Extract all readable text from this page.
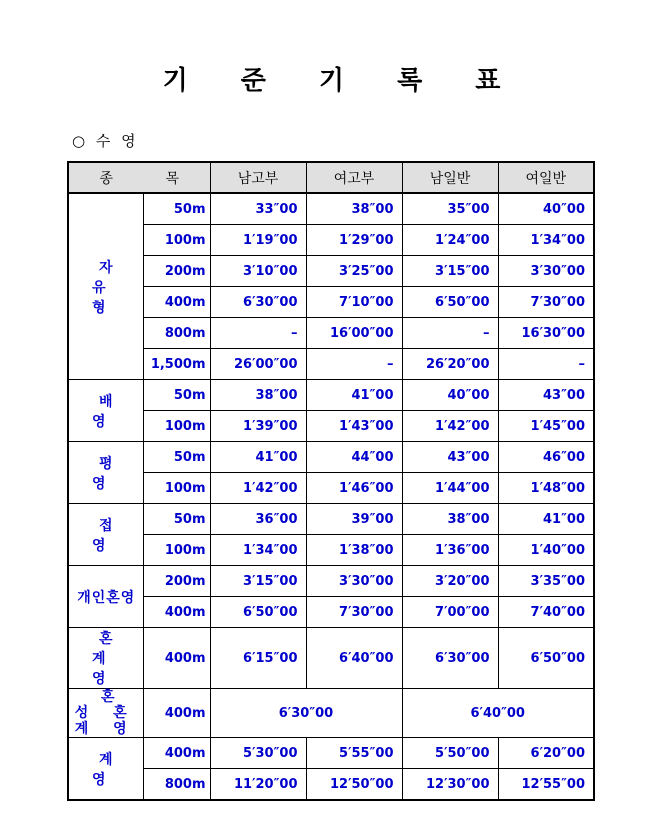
기 준 기 록 표
○ 수 영
종 목		남고부	여고부	남일반	여일반
자 유 형	50m	33″00	38″00	35″00	40″00
	100m	1′19″00	1′29″00	1′24″00	1′34″00
	200m	3′10″00	3′25″00	3′15″00	3′30″00
	400m	6′30″00	7′10″00	6′50″00	7′30″00
	800m	–	16′00″00	–	16′30″00
	1,500m	26′00″00	–	26′20″00	–
배 영	50m	38″00	41″00	40″00	43″00
	100m	1′39″00	1′43″00	1′42″00	1′45″00
평 영	50m	41″00	44″00	43″00	46″00
	100m	1′42″00	1′46″00	1′44″00	1′48″00
접 영	50m	36″00	39″00	38″00	41″00
	100m	1′34″00	1′38″00	1′36″00	1′40″00
개인혼영	200m	3′15″00	3′30″00	3′20″00	3′35″00
	400m	6′50″00	7′30″00	7′00″00	7′40″00
혼 계 영	400m	6′15″00	6′40″00	6′30″00	6′50″00
혼 성 혼 계 영	400m	6′30″00		6′40″00	
계 영	400m	5′30″00	5′55″00	5′50″00	6′20″00
	800m	11′20″00	12′50″00	12′30″00	12′55″00
